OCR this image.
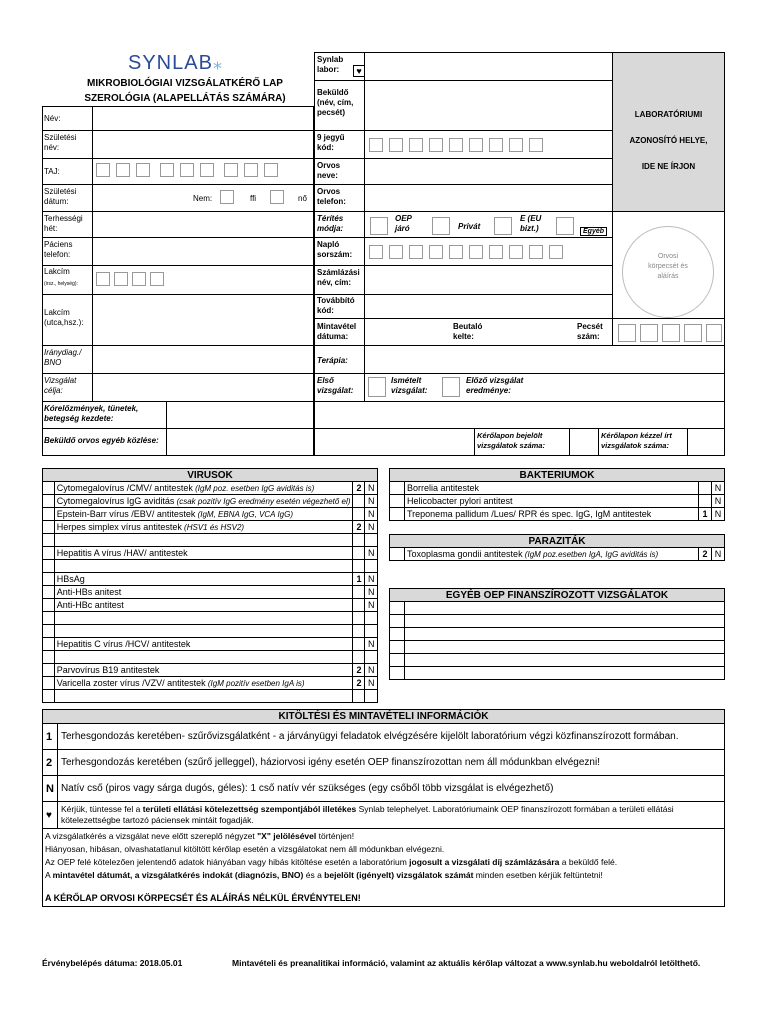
SYNLAB⁎
MIKROBIOLÓGIAI VIZSGÁLATKÉRŐ LAP
SZEROLÓGIA (ALAPELLÁTÁS SZÁMÁRA)
Név:
Születési név:
TAJ:
Születési dátum:	Nem:	ffi	nő
Terhességi hét:
Páciens telefon:
Lakcím
(irsz., helység):
Lakcím (utca,hsz.):
Iránydiag./ BNO
Vizsgálat célja:
Kórelőzmények, tünetek, betegség kezdete:
Beküldő orvos egyéb közlése:
LABORATÓRIUMI
AZONOSÍTÓ HELYE,
IDE NE ÍRJON
Synlab labor:	♥
Beküldő (név, cím, pecsét)
9 jegyű kód:
Orvos neve:
Orvos telefon:
Térítés módja:
OEP járó	Privát
E (EU bizt.)	Egyéb
Napló sorszám:
Számlázási név, cím:
Továbbító kód:
Orvosi
körpecsét és
aláírás
Mintavétel dátuma:
Beutaló kelte:
Pecsét szám:
Terápia:
Első vizsgálat:
Ismételt vizsgálat:
Előző vizsgálat eredménye:
Kérőlapon bejelölt vizsgálatok száma:
Kérőlapon kézzel írt vizsgálatok száma:
VIRUSOK			
	Cytomegalovírus /CMV/ antitestek (IgM poz. esetben IgG aviditás is)	2	N
	Cytomegalovírus IgG aviditás (csak pozitív IgG eredmény esetén végezhető el)		N
	Epstein-Barr vírus /EBV/ antitestek (IgM, EBNA IgG, VCA IgG)		N
	Herpes simplex vírus antitestek (HSV1 és HSV2)	2	N

	Hepatitis A vírus /HAV/ antitestek		N

	HBsAg	1	N
	Anti-HBs anitest		N
	Anti-HBc antitest		N

	Hepatitis C vírus /HCV/ antitestek		N

	Parvovírus B19 antitestek	2	N
	Varicella zoster vírus /VZV/ antitestek (IgM pozitív esetben IgA is)	2	N

BAKTERIUMOK			
	Borrelia antitestek		N
	Helicobacter pylori antitest		N
	Treponema pallidum /Lues/ RPR és spec. IgG, IgM antitestek	1	N
PARAZITÁK
	Toxoplasma gondii antitestek (IgM poz.esetben IgA, IgG aviditás is)	2	N
EGYÉB OEP FINANSZÍROZOTT VIZSGÁLATOK	

KITÖLTÉSI ÉS MINTAVÉTELI INFORMÁCIÓK	
1	Terhesgondozás keretében- szűrővizsgálatként - a járványügyi feladatok elvégzésére kijelölt laboratórium végzi közfinanszírozott formában.
2	Terhesgondozás keretében (szűrő jelleggel), háziorvosi igény esetén OEP finanszírozottan nem áll módunkban elvégezni!
N	Natív cső (piros vagy sárga dugós, géles): 1 cső natív vér szükséges (egy csőből több vizsgálat is elvégezhető)
♥	Kérjük, tüntesse fel a területi ellátási kötelezettség szempontjából illetékes Synlab telephelyet. Laboratóriumaink OEP finanszírozott formában a területi ellátási kötelezettségbe tartozó páciensek mintáit fogadják.

A vizsgálatkérés a vizsgálat neve előtt szereplő négyzet "X" jelölésével történjen!
Hiányosan, hibásan, olvashatatlanul kitöltött kérőlap esetén a vizsgálatokat nem áll módunkban elvégezni.
Az OEP felé kötelezően jelentendő adatok hiányában vagy hibás kitöltése esetén a laboratórium jogosult a vizsgálati díj számlázására a beküldő felé.
A mintavétel dátumát, a vizsgálatkérés indokát (diagnózis, BNO) és a bejelölt (igényelt) vizsgálatok számát minden esetben kérjük feltüntetni!
A KÉRŐLAP ORVOSI KÖRPECSÉT ÉS ALÁÍRÁS NÉLKÜL ÉRVÉNYTELEN!	
Érvénybelépés dátuma: 2018.05.01	Mintavételi és preanalitikai információ, valamint az aktuális kérőlap változat a www.synlab.hu weboldalról letölthető.
